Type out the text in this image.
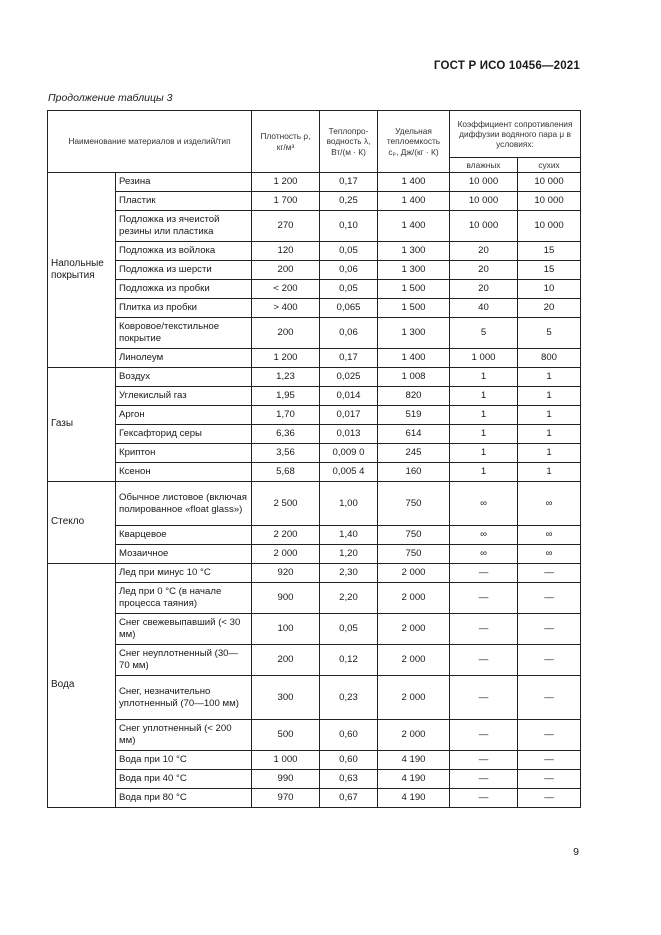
ГОСТ Р ИСО 10456—2021
Продолжение таблицы 3
Наименование материалов и изделий/тип		Плотность ρ, кг/м³	Теплопроводность λ, Вт/(м · К)	Удельная теплоемкость cₚ, Дж/(кг · К)	Коэффициент сопротивления диффузии водяного пара μ в условиях:	
					влажных	сухих
Напольные покрытия	Резина	1 200	0,17	1 400	10 000	10 000
	Пластик	1 700	0,25	1 400	10 000	10 000
	Подложка из ячеистой резины или пластика	270	0,10	1 400	10 000	10 000
	Подложка из войлока	120	0,05	1 300	20	15
	Подложка из шерсти	200	0,06	1 300	20	15
	Подложка из пробки	< 200	0,05	1 500	20	10
	Плитка из пробки	> 400	0,065	1 500	40	20
	Ковровое/текстильное покрытие	200	0,06	1 300	5	5
	Линолеум	1 200	0,17	1 400	1 000	800
Газы	Воздух	1,23	0,025	1 008	1	1
	Углекислый газ	1,95	0,014	820	1	1
	Аргон	1,70	0,017	519	1	1
	Гексафторид серы	6,36	0,013	614	1	1
	Криптон	3,56	0,009 0	245	1	1
	Ксенон	5,68	0,005 4	160	1	1
Стекло	Обычное листовое (включая полированное «float glass»)	2 500	1,00	750	∞	∞
	Кварцевое	2 200	1,40	750	∞	∞
	Мозаичное	2 000	1,20	750	∞	∞
Вода	Лед при минус 10 °С	920	2,30	2 000	—	—
	Лед при 0 °С (в начале процесса таяния)	900	2,20	2 000	—	—
	Снег свежевыпавший (< 30 мм)	100	0,05	2 000	—	—
	Снег неуплотненный (30—70 мм)	200	0,12	2 000	—	—
	Снег, незначительно уплотненный (70—100 мм)	300	0,23	2 000	—	—
	Снег уплотненный (< 200 мм)	500	0,60	2 000	—	—
	Вода при 10 °С	1 000	0,60	4 190	—	—
	Вода при 40 °С	990	0,63	4 190	—	—
	Вода при 80 °С	970	0,67	4 190	—	—
9
